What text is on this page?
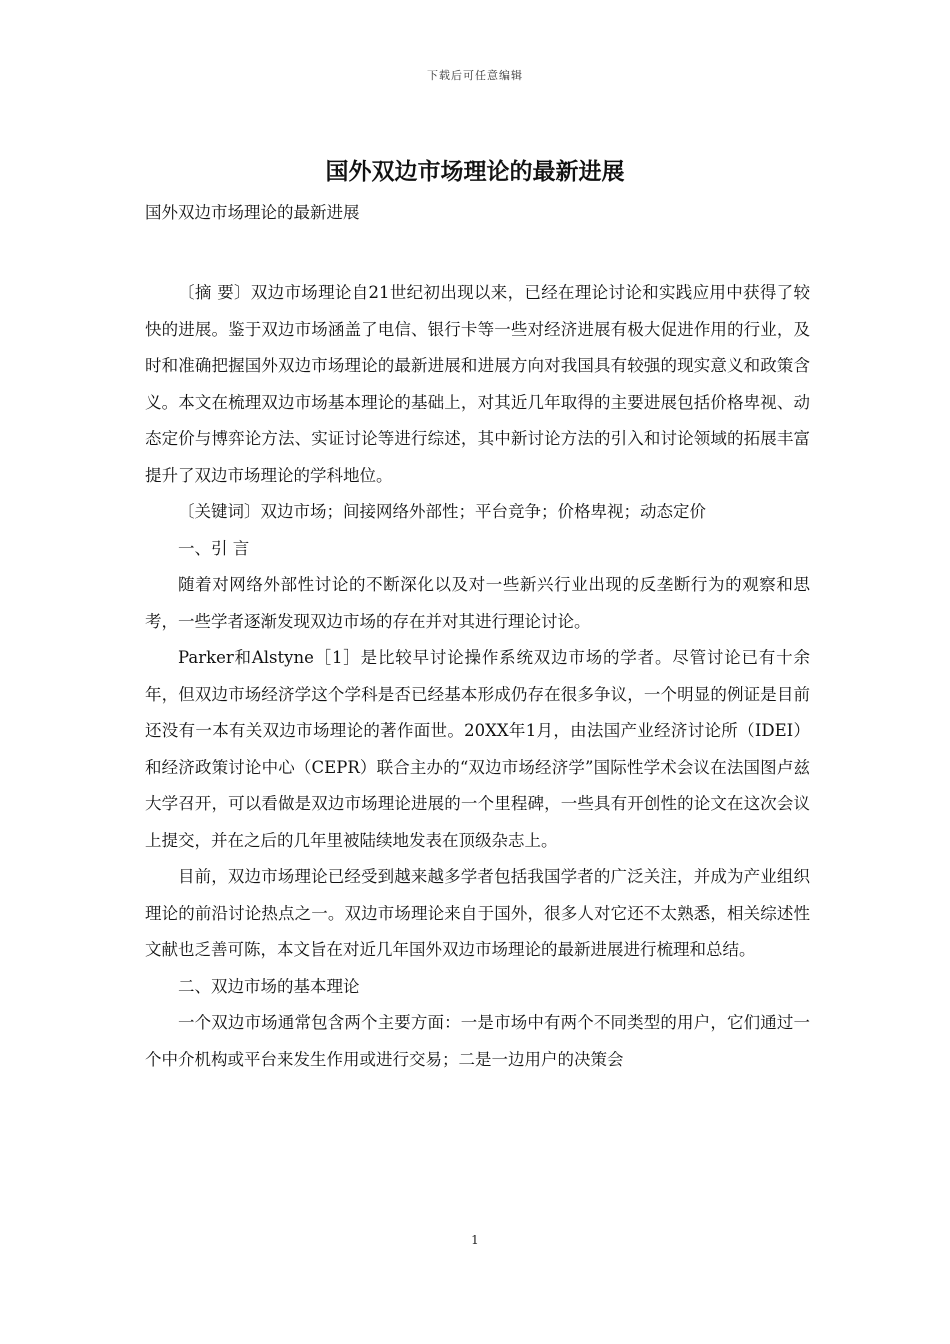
下载后可任意编辑
国外双边市场理论的最新进展
国外双边市场理论的最新进展

〔摘 要〕双边市场理论自21世纪初出现以来，已经在理论讨论和实践应用中获得了较快的进展。鉴于双边市场涵盖了电信、银行卡等一些对经济进展有极大促进作用的行业，及时和准确把握国外双边市场理论的最新进展和进展方向对我国具有较强的现实意义和政策含义。本文在梳理双边市场基本理论的基础上，对其近几年取得的主要进展包括价格卑视、动态定价与博弈论方法、实证讨论等进行综述，其中新讨论方法的引入和讨论领域的拓展丰富提升了双边市场理论的学科地位。

〔关键词〕双边市场；间接网络外部性；平台竞争；价格卑视；动态定价

一、引 言

随着对网络外部性讨论的不断深化以及对一些新兴行业出现的反垄断行为的观察和思考，一些学者逐渐发现双边市场的存在并对其进行理论讨论。

Parker和Alstyne［1］是比较早讨论操作系统双边市场的学者。尽管讨论已有十余年，但双边市场经济学这个学科是否已经基本形成仍存在很多争议，一个明显的例证是目前还没有一本有关双边市场理论的著作面世。20XX年1月，由法国产业经济讨论所（IDEI）和经济政策讨论中心（CEPR）联合主办的“双边市场经济学”国际性学术会议在法国图卢兹大学召开，可以看做是双边市场理论进展的一个里程碑，一些具有开创性的论文在这次会议上提交，并在之后的几年里被陆续地发表在顶级杂志上。

目前，双边市场理论已经受到越来越多学者包括我国学者的广泛关注，并成为产业组织理论的前沿讨论热点之一。双边市场理论来自于国外，很多人对它还不太熟悉，相关综述性文献也乏善可陈，本文旨在对近几年国外双边市场理论的最新进展进行梳理和总结。

二、双边市场的基本理论

一个双边市场通常包含两个主要方面：一是市场中有两个不同类型的用户，它们通过一个中介机构或平台来发生作用或进行交易；二是一边用户的决策会

1
